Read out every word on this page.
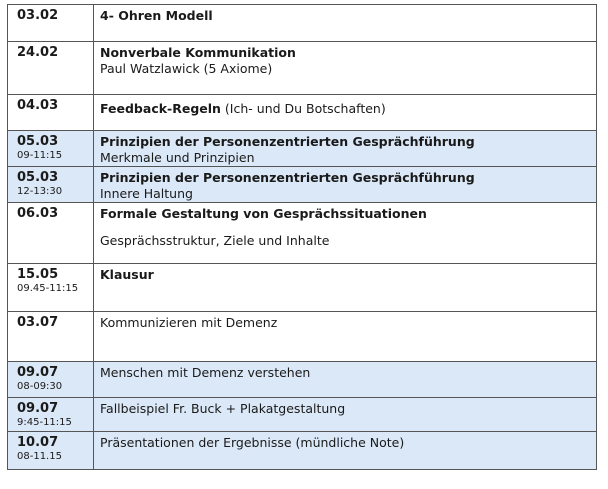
03.02	4- Ohren Modell

24.02	Nonverbale Kommunikation
Paul Watzlawick (5 Axiome)

04.03	Feedback-Regeln (Ich- und Du Botschaften)

05.03
09-11:15	Prinzipien der Personenzentrierten Gesprächführung
Merkmale und Prinzipien

05.03
12-13:30	Prinzipien der Personenzentrierten Gesprächführung
Innere Haltung

06.03	Formale Gestaltung von Gesprächssituationen
Gesprächsstruktur, Ziele und Inhalte

15.05
09.45-11:15	Klausur

03.07	Kommunizieren mit Demenz

09.07
08-09:30	Menschen mit Demenz verstehen

09.07
9:45-11:15	Fallbeispiel Fr. Buck + Plakatgestaltung

10.07
08-11.15	Präsentationen der Ergebnisse (mündliche Note)
